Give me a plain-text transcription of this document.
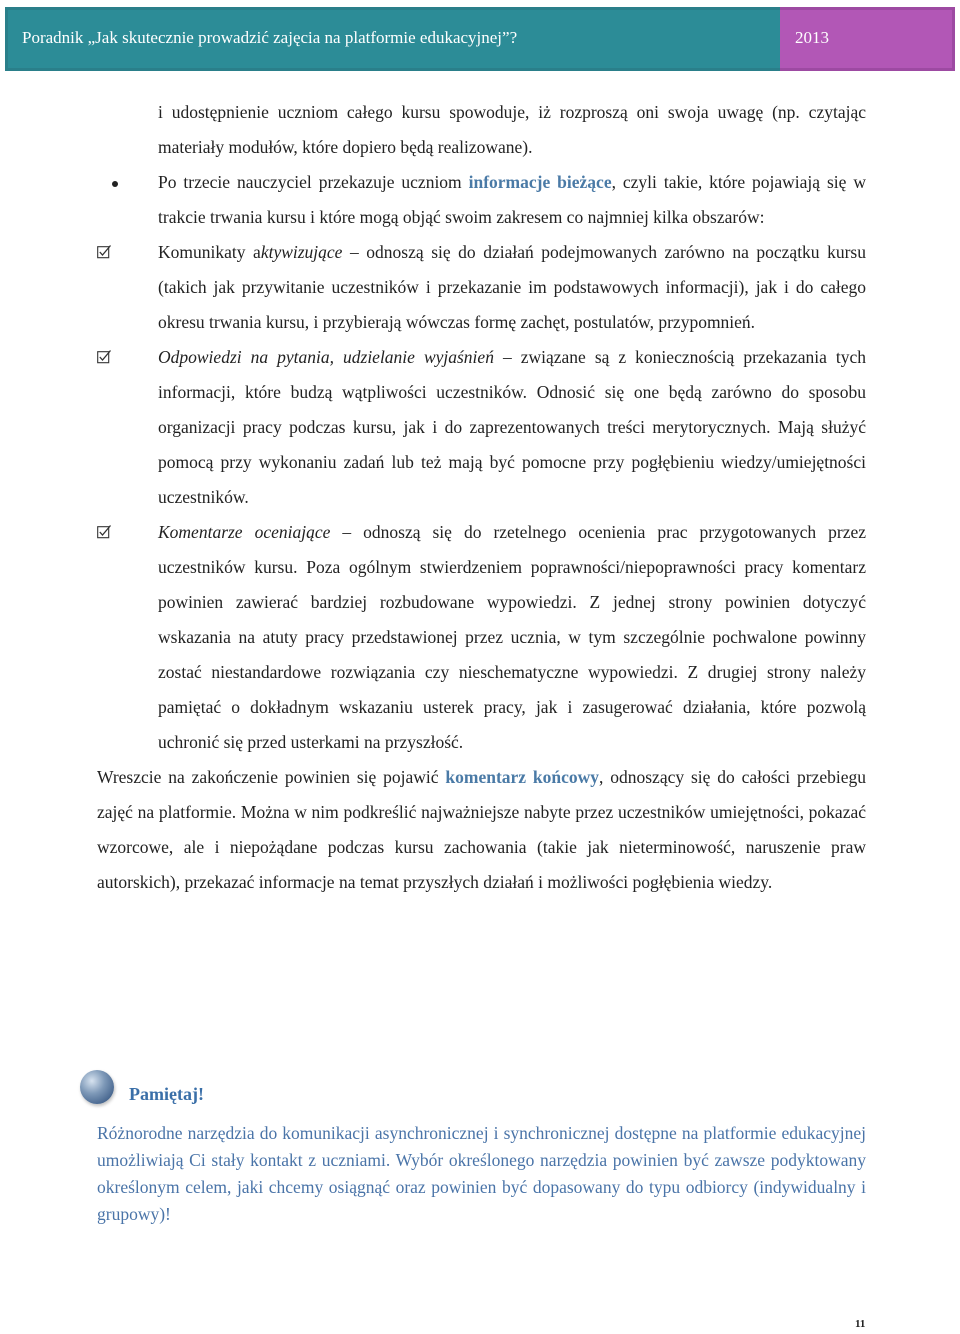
Poradnik „Jak skutecznie prowadzić zajęcia na platformie edukacyjnej”?	2013
i udostępnienie uczniom całego kursu spowoduje, iż rozproszą oni swoja uwagę (np. czytając materiały modułów, które dopiero będą realizowane).
Po trzecie nauczyciel przekazuje uczniom informacje bieżące, czyli takie, które pojawiają się w trakcie trwania kursu i które mogą objąć swoim zakresem co najmniej kilka obszarów:
Komunikaty aktywizujące – odnoszą się do działań podejmowanych zarówno na początku kursu (takich jak przywitanie uczestników i przekazanie im podstawowych informacji), jak i do całego okresu trwania kursu, i przybierają wówczas formę zachęt, postulatów, przypomnień.
Odpowiedzi na pytania, udzielanie wyjaśnień – związane są z koniecznością przekazania tych informacji, które budzą wątpliwości uczestników. Odnosić się one będą zarówno do sposobu organizacji pracy podczas kursu, jak i do zaprezentowanych treści merytorycznych. Mają służyć pomocą przy wykonaniu zadań lub też mają być pomocne przy pogłębieniu wiedzy/umiejętności uczestników.
Komentarze oceniające – odnoszą się do rzetelnego ocenienia prac przygotowanych przez uczestników kursu. Poza ogólnym stwierdzeniem poprawności/niepoprawności pracy komentarz powinien zawierać bardziej rozbudowane wypowiedzi. Z jednej strony powinien dotyczyć wskazania na atuty pracy przedstawionej przez ucznia, w tym szczególnie pochwalone powinny zostać niestandardowe rozwiązania czy nieschematyczne wypowiedzi. Z drugiej strony należy pamiętać o dokładnym wskazaniu usterek pracy, jak i zasugerować działania, które pozwolą uchronić się przed usterkami na przyszłość.
Wreszcie na zakończenie powinien się pojawić komentarz końcowy, odnoszący się do całości przebiegu zajęć na platformie. Można w nim podkreślić najważniejsze nabyte przez uczestników umiejętności, pokazać wzorcowe, ale i niepożądane podczas kursu zachowania (takie jak nieterminowość, naruszenie praw autorskich), przekazać informacje na temat przyszłych działań i możliwości pogłębienia wiedzy.
Pamiętaj!
Różnorodne narzędzia do komunikacji asynchronicznej i synchronicznej dostępne na platformie edukacyjnej umożliwiają Ci stały kontakt z uczniami. Wybór określonego narzędzia powinien być zawsze podyktowany określonym celem, jaki chcemy osiągnąć oraz powinien być dopasowany do typu odbiorcy (indywidualny i grupowy)!
11
